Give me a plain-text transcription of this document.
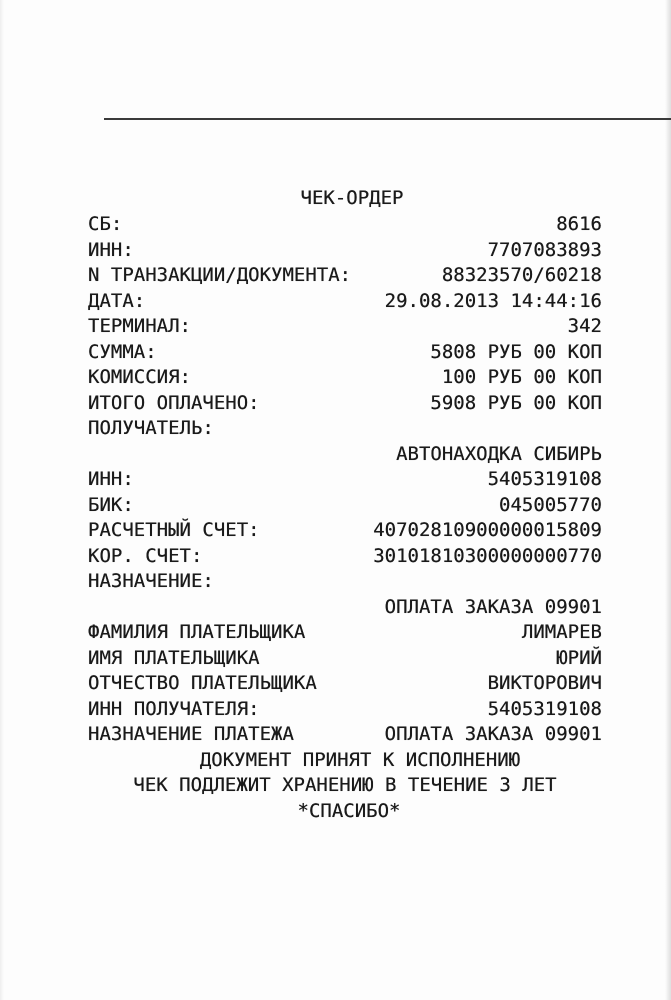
ЧЕК-ОРДЕР
СБ:	8616
ИНН:	7707083893
N ТРАНЗАКЦИИ/ДОКУМЕНТА:	88323570/60218
ДАТА:	29.08.2013 14:44:16
ТЕРМИНАЛ:	342
СУММА:	5808 РУБ 00 КОП
КОМИССИЯ:	100 РУБ 00 КОП
ИТОГО ОПЛАЧЕНО:	5908 РУБ 00 КОП
ПОЛУЧАТЕЛЬ:
АВТОНАХОДКА СИБИРЬ
ИНН:	5405319108
БИК:	045005770
РАСЧЕТНЫЙ СЧЕТ:	40702810900000015809
КОР. СЧЕТ:	30101810300000000770
НАЗНАЧЕНИЕ:
ОПЛАТА ЗАКАЗА 09901
ФАМИЛИЯ ПЛАТЕЛЬЩИКА	ЛИМАРЕВ
ИМЯ ПЛАТЕЛЬЩИКА	ЮРИЙ
ОТЧЕСТВО ПЛАТЕЛЬЩИКА	ВИКТОРОВИЧ
ИНН ПОЛУЧАТЕЛЯ:	5405319108
НАЗНАЧЕНИЕ ПЛАТЕЖА	ОПЛАТА ЗАКАЗА 09901
ДОКУМЕНТ ПРИНЯТ К ИСПОЛНЕНИЮ
ЧЕК ПОДЛЕЖИТ ХРАНЕНИЮ В ТЕЧЕНИЕ 3 ЛЕТ
*СПАСИБО*
